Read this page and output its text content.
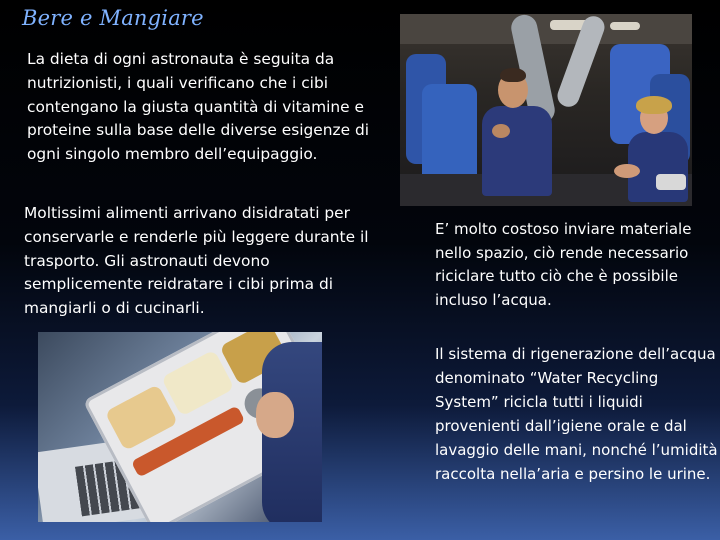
Bere e Mangiare
La dieta di ogni astronauta è seguita da nutrizionisti, i quali verificano che i cibi contengano la giusta quantità di vitamine e proteine sulla base delle diverse esigenze di ogni singolo membro dell’equipaggio.
Moltissimi alimenti arrivano disidratati per conservarle e renderle più leggere durante il trasporto. Gli astronauti devono semplicemente reidratare i cibi prima di mangiarli o di cucinarli.
E’ molto costoso inviare materiale nello spazio, ciò rende necessario riciclare tutto ciò che è possibile incluso l’acqua.
Il sistema di rigenerazione dell’acqua denominato “Water Recycling System” ricicla tutti i liquidi provenienti dall’igiene orale e dal lavaggio delle mani, nonché l’umidità raccolta nella’aria e persino le urine.
